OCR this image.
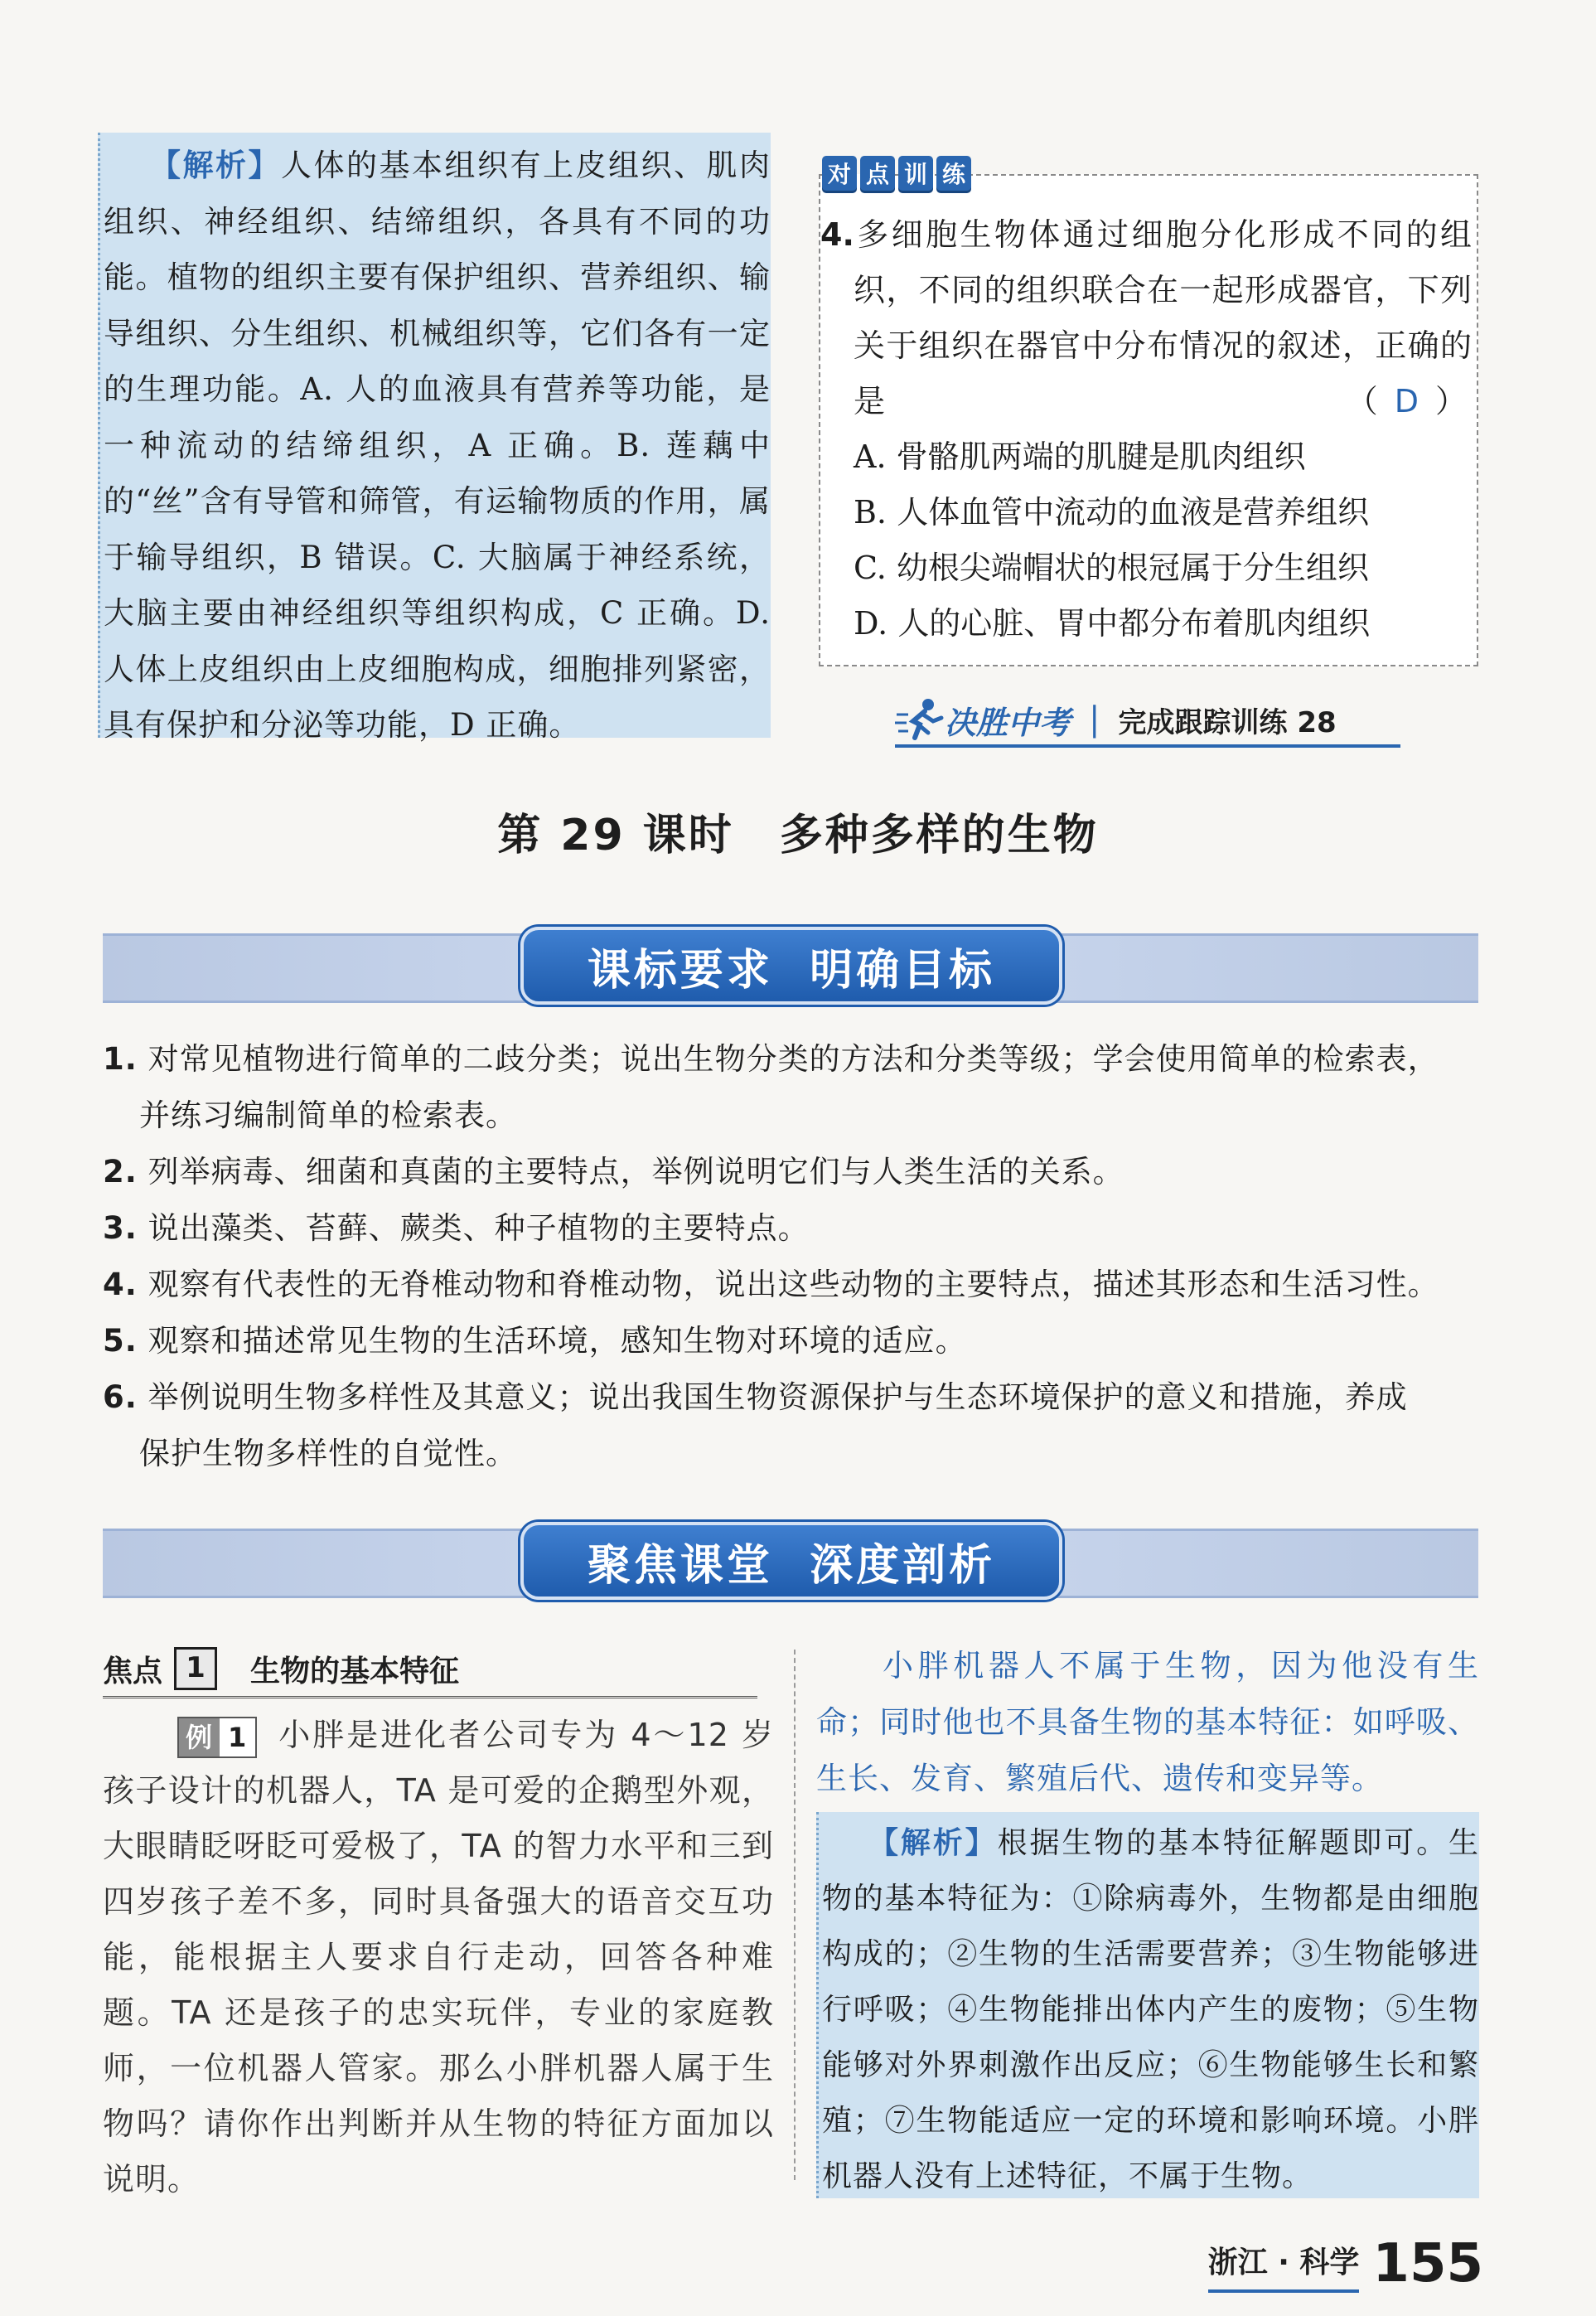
【解析】人体的基本组织有上皮组织、肌肉组织、神经组织、结缔组织，各具有不同的功能。植物的组织主要有保护组织、营养组织、输导组织、分生组织、机械组织等，它们各有一定的生理功能。A. 人的血液具有营养等功能，是一种流动的结缔组织，A 正确。B. 莲藕中的“丝”含有导管和筛管，有运输物质的作用，属于输导组织，B 错误。C. 大脑属于神经系统，大脑主要由神经组织等组织构成，C 正确。D. 人体上皮组织由上皮细胞构成，细胞排列紧密，具有保护和分泌等功能，D 正确。

对 点 训 练

4.多细胞生物体通过细胞分化形成不同的组织，不同的组织联合在一起形成器官，下列关于组织在器官中分布情况的叙述，正确的是	（ D ）

A. 骨骼肌两端的肌腱是肌肉组织

B. 人体血管中流动的血液是营养组织

C. 幼根尖端帽状的根冠属于分生组织

D. 人的心脏、胃中都分布着肌肉组织

决胜中考 | 完成跟踪训练 28
第 29 课时　多种多样的生物
课标要求  明确目标

1. 对常见植物进行简单的二歧分类；说出生物分类的方法和分类等级；学会使用简单的检索表，

并练习编制简单的检索表。

2. 列举病毒、细菌和真菌的主要特点，举例说明它们与人类生活的关系。

3. 说出藻类、苔藓、蕨类、种子植物的主要特点。

4. 观察有代表性的无脊椎动物和脊椎动物，说出这些动物的主要特点，描述其形态和生活习性。

5. 观察和描述常见生物的生活环境，感知生物对环境的适应。

6. 举例说明生物多样性及其意义；说出我国生物资源保护与生态环境保护的意义和措施，养成

保护生物多样性的自觉性。

聚焦课堂  深度剖析
焦点 1	生物的基本特征

例 1 小胖是进化者公司专为 4～12 岁孩子设计的机器人，TA 是可爱的企鹅型外观，大眼睛眨呀眨可爱极了，TA 的智力水平和三到四岁孩子差不多，同时具备强大的语音交互功能，能根据主人要求自行走动，回答各种难题。TA 还是孩子的忠实玩伴，专业的家庭教师，一位机器人管家。那么小胖机器人属于生物吗？请你作出判断并从生物的特征方面加以说明。

小胖机器人不属于生物，因为他没有生命；同时他也不具备生物的基本特征：如呼吸、生长、发育、繁殖后代、遗传和变异等。

【解析】根据生物的基本特征解题即可。生物的基本特征为：①除病毒外，生物都是由细胞构成的；②生物的生活需要营养；③生物能够进行呼吸；④生物能排出体内产生的废物；⑤生物能够对外界刺激作出反应；⑥生物能够生长和繁殖；⑦生物能适应一定的环境和影响环境。小胖机器人没有上述特征，不属于生物。

浙江 · 科学 155
